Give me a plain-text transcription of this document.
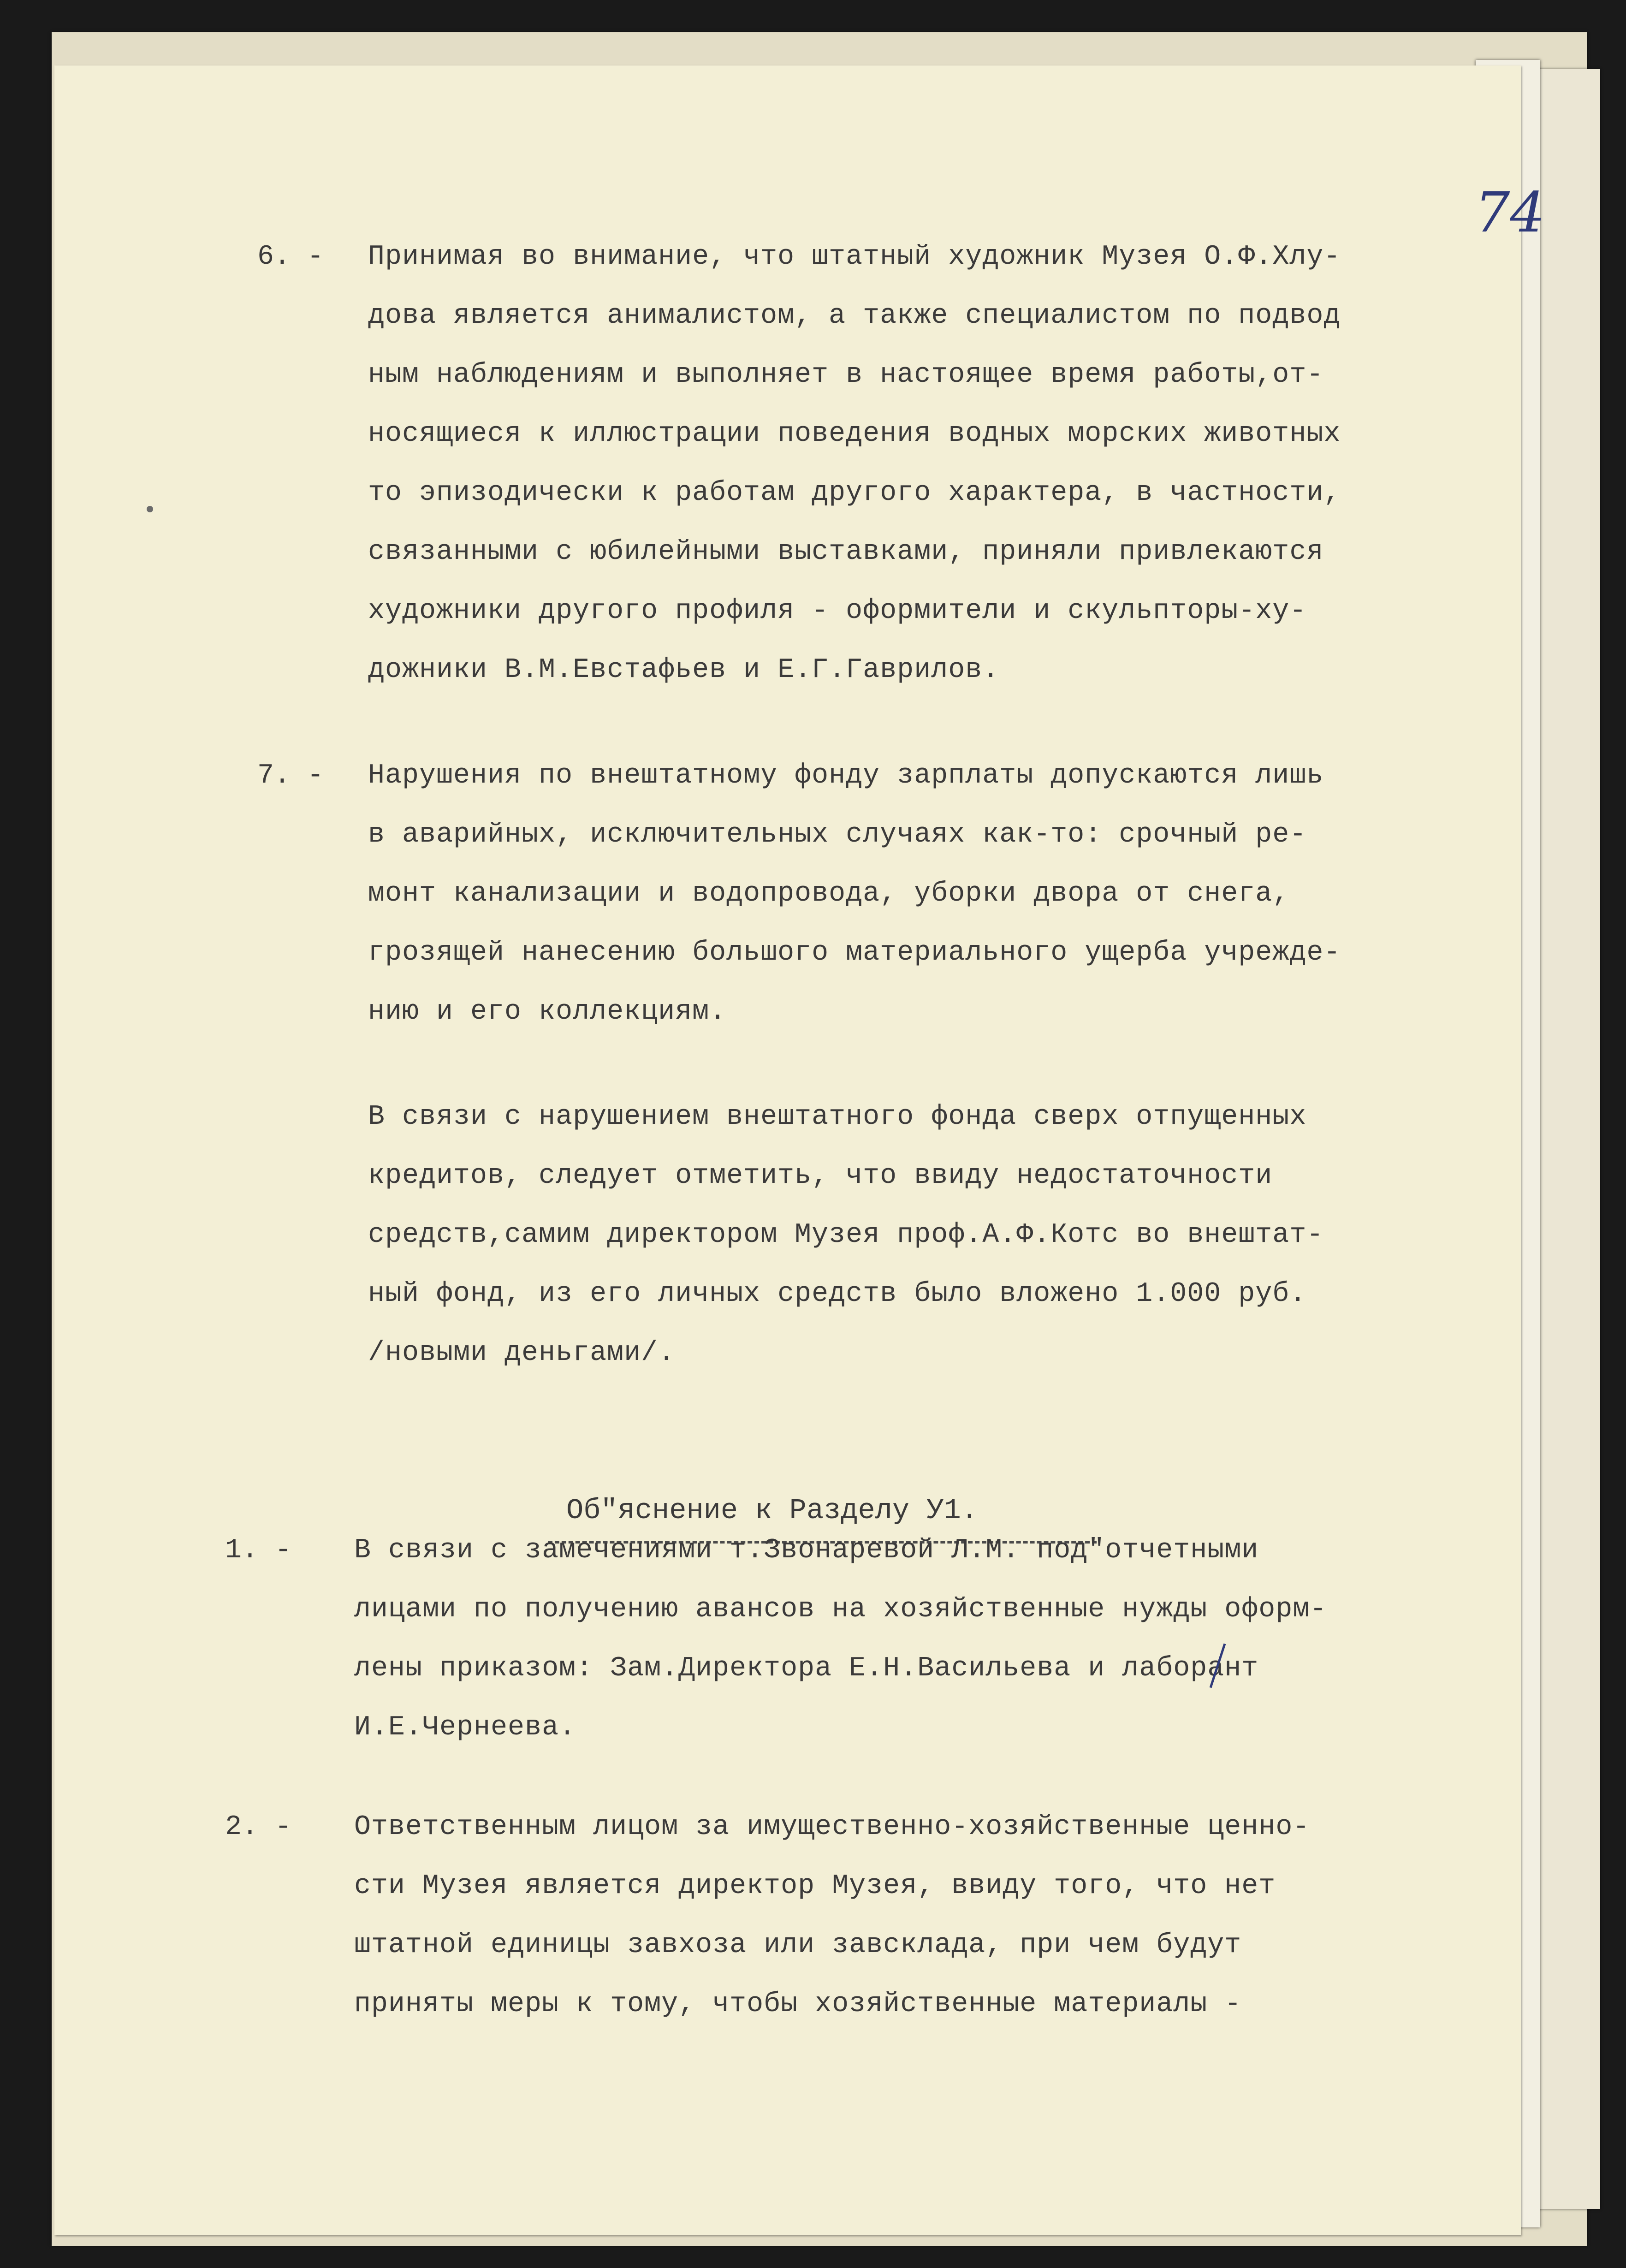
74
6. - Принимая во внимание, что штатный художник Музея О.Ф.Хлу-
дова является анималистом, а также специалистом по подвод
ным наблюдениям и выполняет в настоящее время работы,от-
носящиеся к иллюстрации поведения водных морских животных
то эпизодически к работам другого характера, в частности,
связанными с юбилейными выставками, приняли привлекаются
художники другого профиля - оформители и скульпторы-ху-
дожники В.М.Евстафьев и Е.Г.Гаврилов.
7. - Нарушения по внештатному фонду зарплаты допускаются лишь
в аварийных, исключительных случаях как-то: срочный ре-
монт канализации и водопровода, уборки двора от снега,
грозящей нанесению большого материального ущерба учрежде-
нию и его коллекциям.
В связи с нарушением внештатного фонда сверх отпущенных
кредитов, следует отметить, что ввиду недостаточности
средств,самим директором Музея проф.А.Ф.Котс во внештат-
ный фонд, из его личных средств было вложено 1.000 руб.
/новыми деньгами/.
Об"яснение к Разделу У1.
1. - В связи с замечениями т.Звонаревой Л.М. под"отчетными
лицами по получению авансов на хозяйственные нужды оформ-
лены приказом: Зам.Директора Е.Н.Васильева и лаборант
И.Е.Чернеева.
2. - Ответственным лицом за имущественно-хозяйственные ценно-
сти Музея является директор Музея, ввиду того, что нет
штатной единицы завхоза или завсклада, при чем будут
приняты меры к тому, чтобы хозяйственные материалы -
